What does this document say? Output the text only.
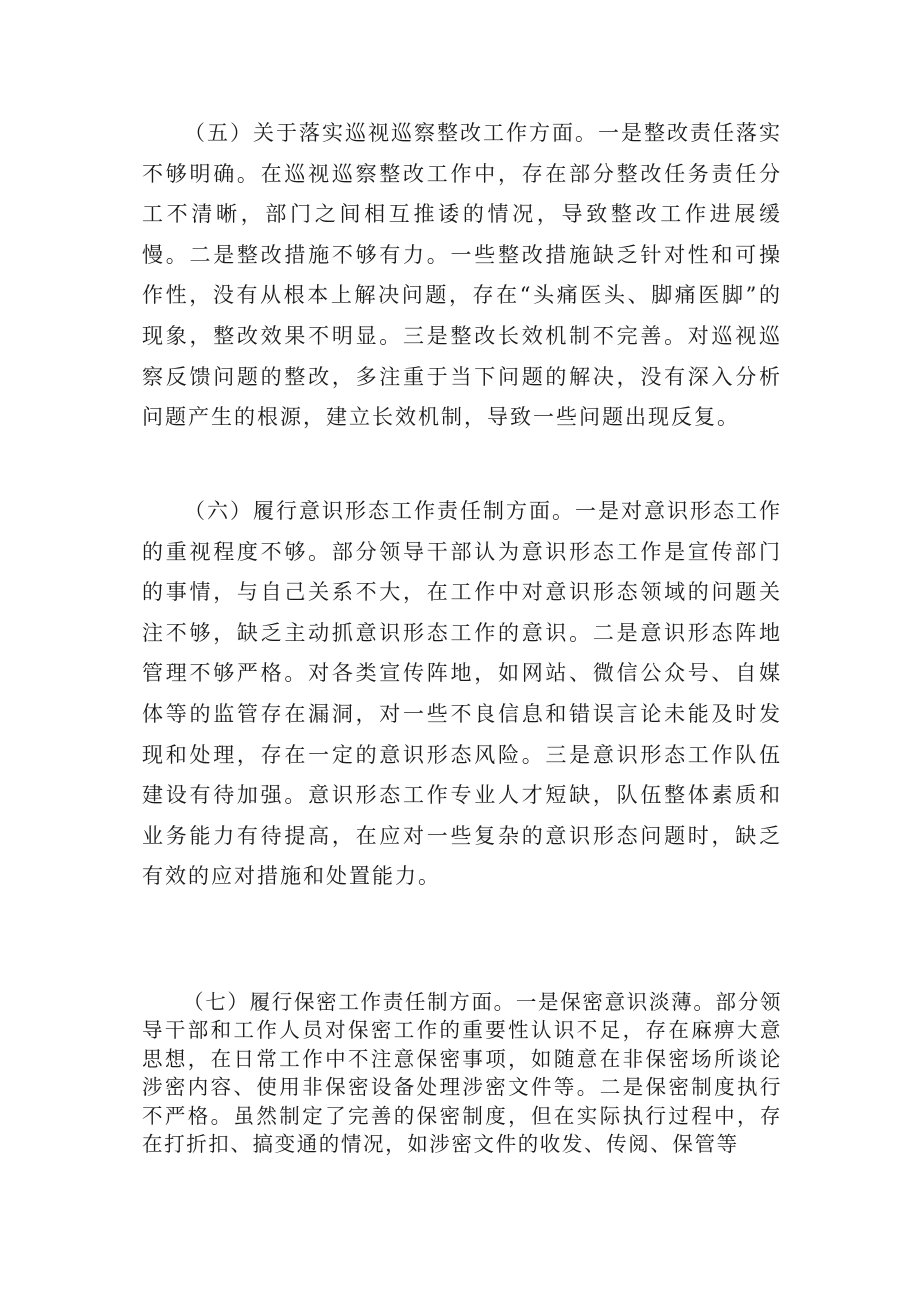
（五）关于落实巡视巡察整改工作方面。一是整改责任落实不够明确。在巡视巡察整改工作中，存在部分整改任务责任分工不清晰，部门之间相互推诿的情况，导致整改工作进展缓慢。二是整改措施不够有力。一些整改措施缺乏针对性和可操作性，没有从根本上解决问题，存在“头痛医头、脚痛医脚”的现象，整改效果不明显。三是整改长效机制不完善。对巡视巡察反馈问题的整改，多注重于当下问题的解决，没有深入分析问题产生的根源，建立长效机制，导致一些问题出现反复。

（六）履行意识形态工作责任制方面。一是对意识形态工作的重视程度不够。部分领导干部认为意识形态工作是宣传部门的事情，与自己关系不大，在工作中对意识形态领域的问题关注不够，缺乏主动抓意识形态工作的意识。二是意识形态阵地管理不够严格。对各类宣传阵地，如网站、微信公众号、自媒体等的监管存在漏洞，对一些不良信息和错误言论未能及时发现和处理，存在一定的意识形态风险。三是意识形态工作队伍建设有待加强。意识形态工作专业人才短缺，队伍整体素质和业务能力有待提高，在应对一些复杂的意识形态问题时，缺乏有效的应对措施和处置能力。

（七）履行保密工作责任制方面。一是保密意识淡薄。部分领导干部和工作人员对保密工作的重要性认识不足，存在麻痹大意思想，在日常工作中不注意保密事项，如随意在非保密场所谈论涉密内容、使用非保密设备处理涉密文件等。二是保密制度执行不严格。虽然制定了完善的保密制度，但在实际执行过程中，存在打折扣、搞变通的情况，如涉密文件的收发、传阅、保管等
